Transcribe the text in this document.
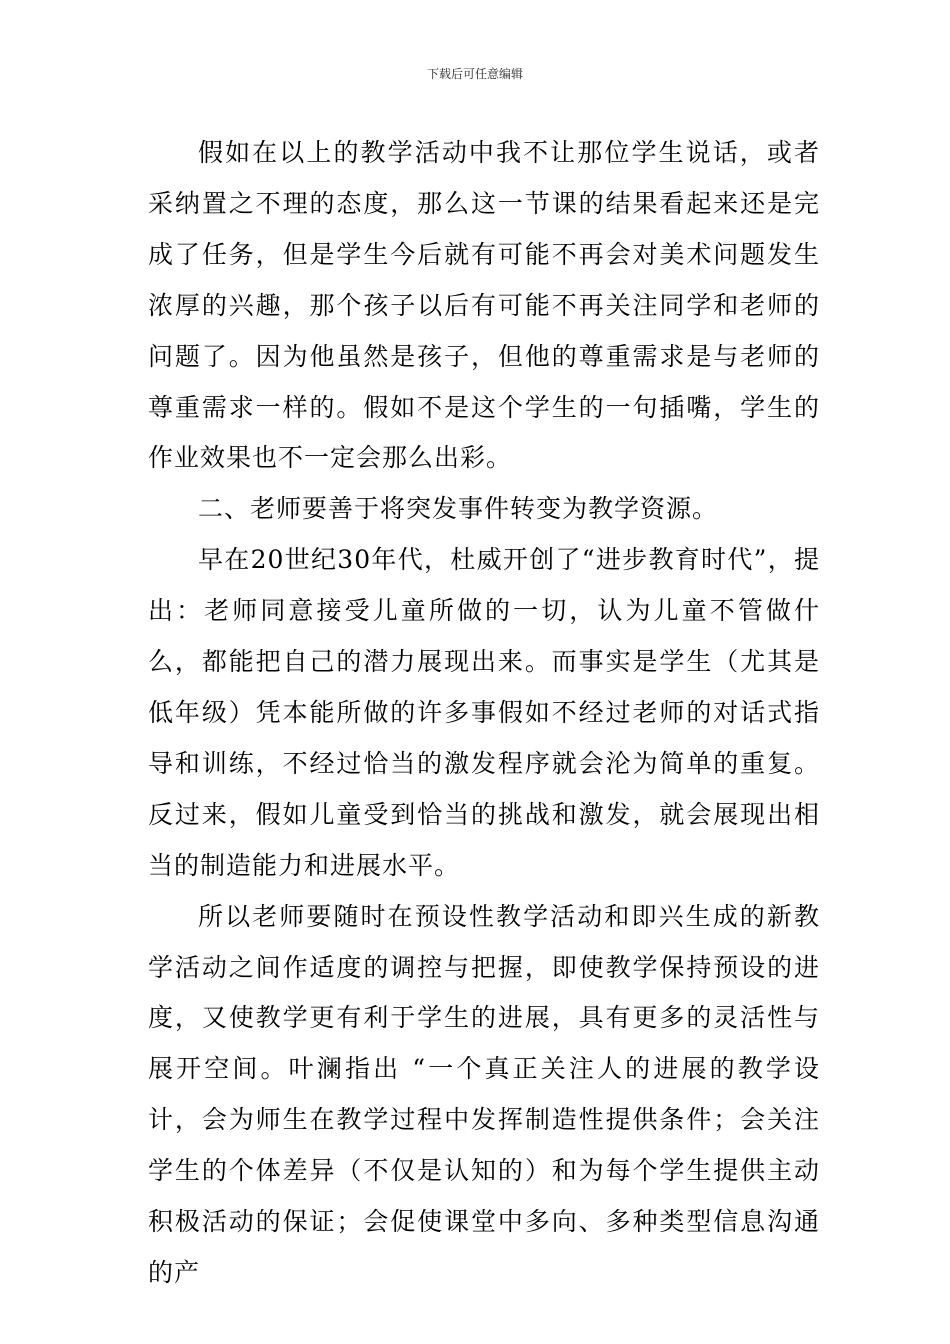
下载后可任意编辑

假如在以上的教学活动中我不让那位学生说话，或者采纳置之不理的态度，那么这一节课的结果看起来还是完成了任务，但是学生今后就有可能不再会对美术问题发生浓厚的兴趣，那个孩子以后有可能不再关注同学和老师的问题了。因为他虽然是孩子，但他的尊重需求是与老师的尊重需求一样的。假如不是这个学生的一句插嘴，学生的作业效果也不一定会那么出彩。

二、老师要善于将突发事件转变为教学资源。

早在20世纪30年代，杜威开创了“进步教育时代”，提出：老师同意接受儿童所做的一切，认为儿童不管做什么，都能把自己的潜力展现出来。而事实是学生（尤其是低年级）凭本能所做的许多事假如不经过老师的对话式指导和训练，不经过恰当的激发程序就会沦为简单的重复。反过来，假如儿童受到恰当的挑战和激发，就会展现出相当的制造能力和进展水平。

所以老师要随时在预设性教学活动和即兴生成的新教学活动之间作适度的调控与把握，即使教学保持预设的进度，又使教学更有利于学生的进展，具有更多的灵活性与展开空间。叶澜指出 “一个真正关注人的进展的教学设计，会为师生在教学过程中发挥制造性提供条件；会关注学生的个体差异（不仅是认知的）和为每个学生提供主动积极活动的保证；会促使课堂中多向、多种类型信息沟通的产
